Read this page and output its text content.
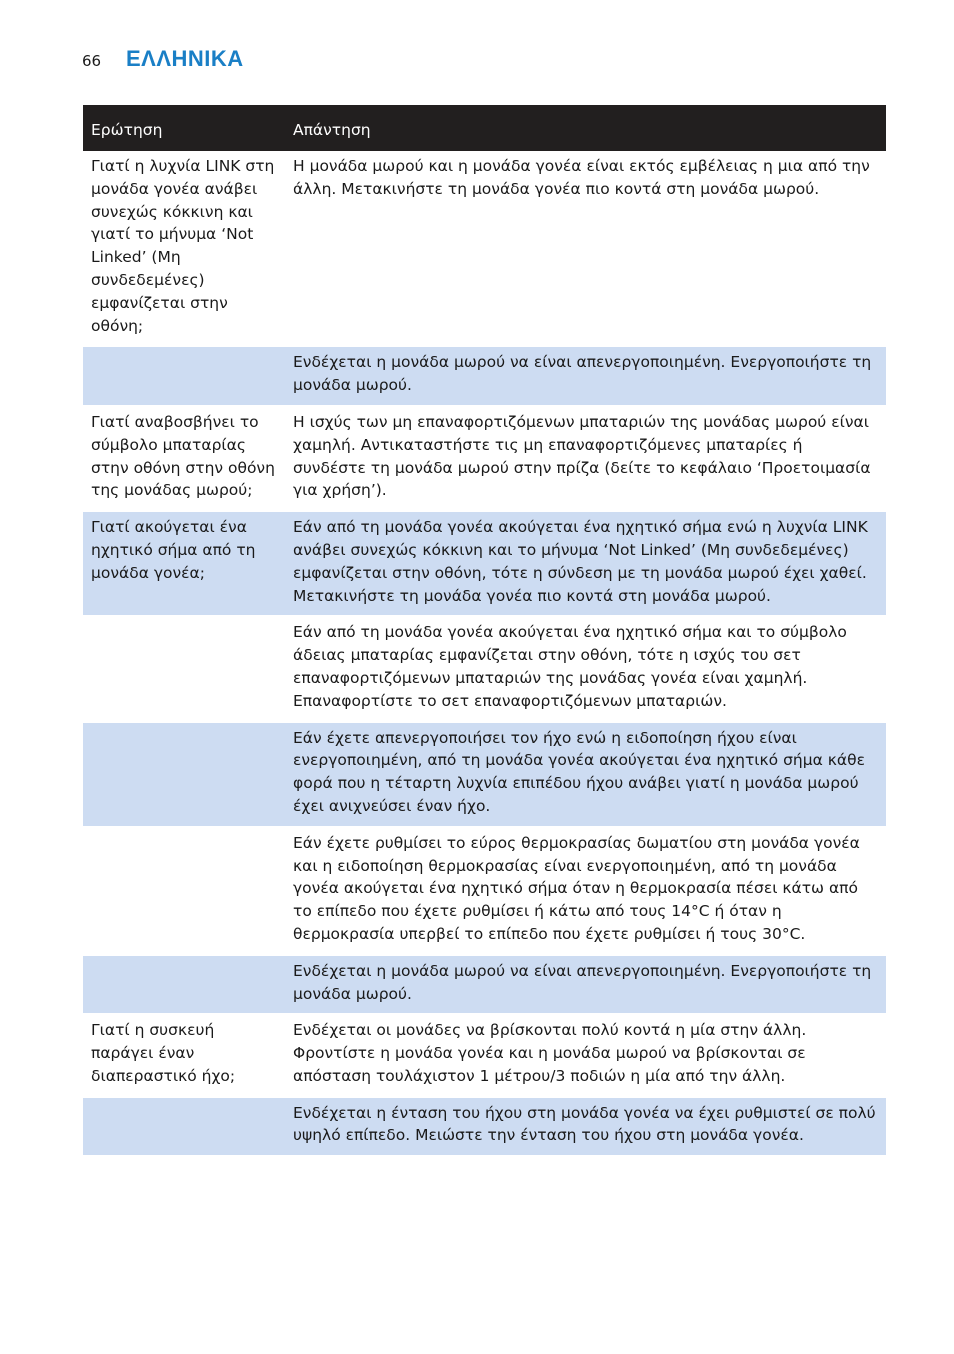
66	ΕΛΛΗΝΙΚΑ
Ερώτηση	Απάντηση
Γιατί η λυχνία LINK στη μονάδα γονέα ανάβει συνεχώς κόκκινη και γιατί το μήνυμα ‘Not Linked’ (Μη συνδεδεμένες) εμφανίζεται στην οθόνη;	Η μονάδα μωρού και η μονάδα γονέα είναι εκτός εμβέλειας η μια από την άλλη. Μετακινήστε τη μονάδα γονέα πιο κοντά στη μονάδα μωρού.
	Ενδέχεται η μονάδα μωρού να είναι απενεργοποιημένη. Ενεργοποιήστε τη μονάδα μωρού.
Γιατί αναβοσβήνει το σύμβολο μπαταρίας στην οθόνη στην οθόνη της μονάδας μωρού;	Η ισχύς των μη επαναφορτιζόμενων μπαταριών της μονάδας μωρού είναι χαμηλή. Αντικαταστήστε τις μη επαναφορτιζόμενες μπαταρίες ή συνδέστε τη μονάδα μωρού στην πρίζα (δείτε το κεφάλαιο ‘Προετοιμασία για χρήση’).
Γιατί ακούγεται ένα ηχητικό σήμα από τη μονάδα γονέα;	Εάν από τη μονάδα γονέα ακούγεται ένα ηχητικό σήμα ενώ η λυχνία LINK ανάβει συνεχώς κόκκινη και το μήνυμα ‘Not Linked’ (Μη συνδεδεμένες) εμφανίζεται στην οθόνη, τότε η σύνδεση με τη μονάδα μωρού έχει χαθεί. Μετακινήστε τη μονάδα γονέα πιο κοντά στη μονάδα μωρού.
	Εάν από τη μονάδα γονέα ακούγεται ένα ηχητικό σήμα και το σύμβολο άδειας μπαταρίας εμφανίζεται στην οθόνη, τότε η ισχύς του σετ επαναφορτιζόμενων μπαταριών της μονάδας γονέα είναι χαμηλή. Επαναφορτίστε το σετ επαναφορτιζόμενων μπαταριών.
	Εάν έχετε απενεργοποιήσει τον ήχο ενώ η ειδοποίηση ήχου είναι ενεργοποιημένη, από τη μονάδα γονέα ακούγεται ένα ηχητικό σήμα κάθε φορά που η τέταρτη λυχνία επιπέδου ήχου ανάβει γιατί η μονάδα μωρού έχει ανιχνεύσει έναν ήχο.
	Εάν έχετε ρυθμίσει το εύρος θερμοκρασίας δωματίου στη μονάδα γονέα και η ειδοποίηση θερμοκρασίας είναι ενεργοποιημένη, από τη μονάδα γονέα ακούγεται ένα ηχητικό σήμα όταν η θερμοκρασία πέσει κάτω από το επίπεδο που έχετε ρυθμίσει ή κάτω από τους 14°C ή όταν η θερμοκρασία υπερβεί το επίπεδο που έχετε ρυθμίσει ή τους 30°C.
	Ενδέχεται η μονάδα μωρού να είναι απενεργοποιημένη. Ενεργοποιήστε τη μονάδα μωρού.
Γιατί η συσκευή παράγει έναν διαπεραστικό ήχο;	Ενδέχεται οι μονάδες να βρίσκονται πολύ κοντά η μία στην άλλη. Φροντίστε η μονάδα γονέα και η μονάδα μωρού να βρίσκονται σε απόσταση τουλάχιστον 1 μέτρου/3 ποδιών η μία από την άλλη.
	Ενδέχεται η ένταση του ήχου στη μονάδα γονέα να έχει ρυθμιστεί σε πολύ υψηλό επίπεδο. Μειώστε την ένταση του ήχου στη μονάδα γονέα.
